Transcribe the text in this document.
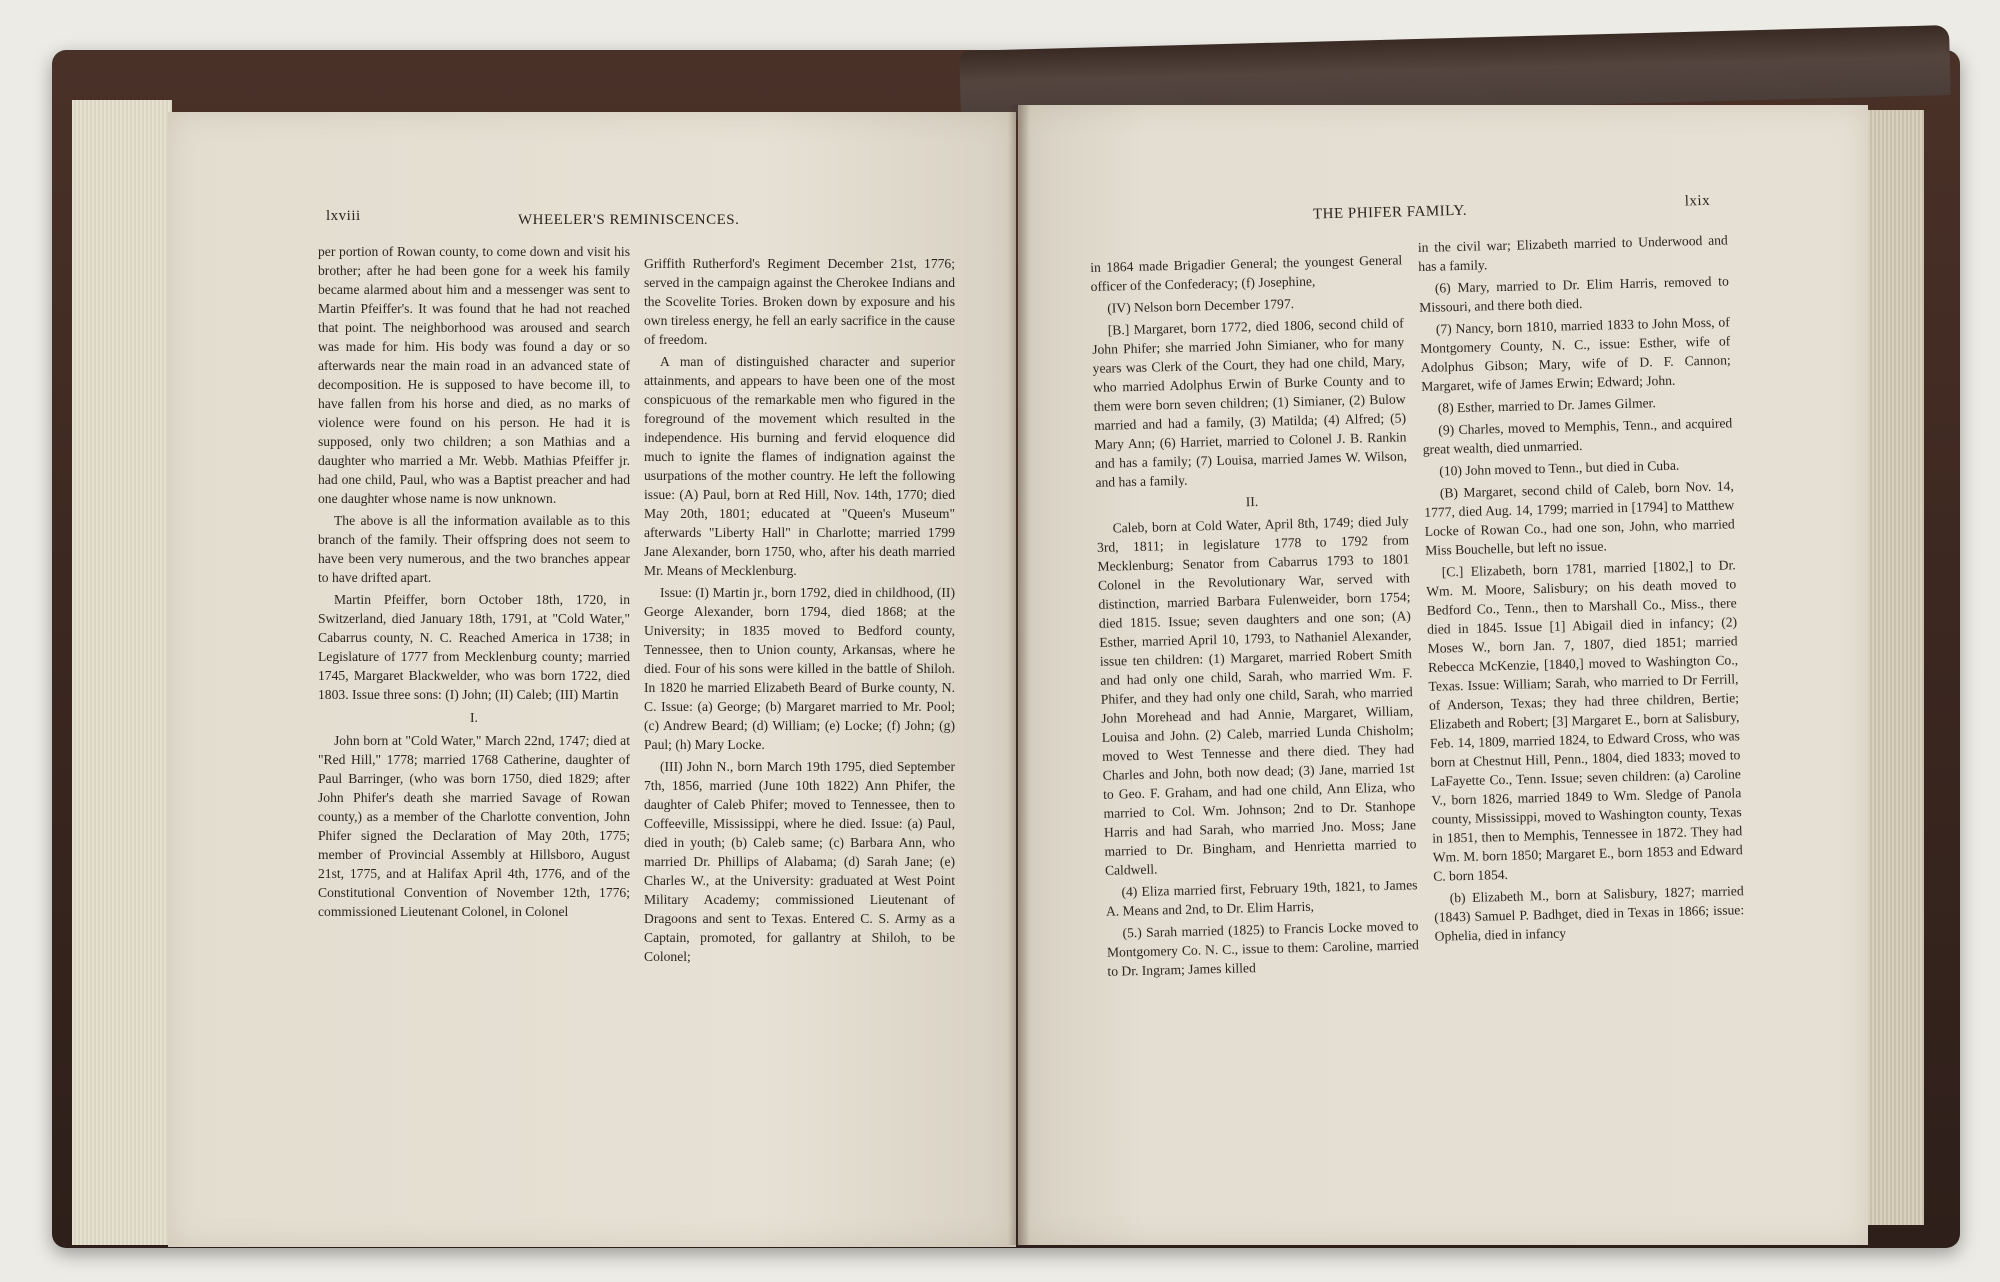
lxviii	WHEELER'S REMINISCENCES.

per portion of Rowan county, to come down and visit his brother; after he had been gone for a week his family became alarmed about him and a messenger was sent to Martin Pfeiffer's. It was found that he had not reached that point. The neighborhood was aroused and search was made for him. His body was found a day or so afterwards near the main road in an advanced state of decomposition. He is supposed to have become ill, to have fallen from his horse and died, as no marks of violence were found on his person. He had it is supposed, only two children; a son Mathias and a daughter who married a Mr. Webb. Mathias Pfeiffer jr. had one child, Paul, who was a Baptist preacher and had one daughter whose name is now unknown.

The above is all the information available as to this branch of the family. Their offspring does not seem to have been very numerous, and the two branches appear to have drifted apart.

Martin Pfeiffer, born October 18th, 1720, in Switzerland, died January 18th, 1791, at "Cold Water," Cabarrus county, N. C. Reached America in 1738; in Legislature of 1777 from Mecklenburg county; married 1745, Margaret Blackwelder, who was born 1722, died 1803. Issue three sons: (I) John; (II) Caleb; (III) Martin

I.

John born at "Cold Water," March 22nd, 1747; died at "Red Hill," 1778; married 1768 Catherine, daughter of Paul Barringer, (who was born 1750, died 1829; after John Phifer's death she married Savage of Rowan county,) as a member of the Charlotte convention, John Phifer signed the Declaration of May 20th, 1775; member of Provincial Assembly at Hillsboro, August 21st, 1775, and at Halifax April 4th, 1776, and of the Constitutional Convention of November 12th, 1776; commissioned Lieutenant Colonel, in Colonel

Griffith Rutherford's Regiment December 21st, 1776; served in the campaign against the Cherokee Indians and the Scovelite Tories. Broken down by exposure and his own tireless energy, he fell an early sacrifice in the cause of freedom.

A man of distinguished character and superior attainments, and appears to have been one of the most conspicuous of the remarkable men who figured in the foreground of the movement which resulted in the independence. His burning and fervid eloquence did much to ignite the flames of indignation against the usurpations of the mother country. He left the following issue: (A) Paul, born at Red Hill, Nov. 14th, 1770; died May 20th, 1801; educated at "Queen's Museum" afterwards "Liberty Hall" in Charlotte; married 1799 Jane Alexander, born 1750, who, after his death married Mr. Means of Mecklenburg.

Issue: (I) Martin jr., born 1792, died in childhood, (II) George Alexander, born 1794, died 1868; at the University; in 1835 moved to Bedford county, Tennessee, then to Union county, Arkansas, where he died. Four of his sons were killed in the battle of Shiloh. In 1820 he married Elizabeth Beard of Burke county, N. C. Issue: (a) George; (b) Margaret married to Mr. Pool; (c) Andrew Beard; (d) William; (e) Locke; (f) John; (g) Paul; (h) Mary Locke.

(III) John N., born March 19th 1795, died September 7th, 1856, married (June 10th 1822) Ann Phifer, the daughter of Caleb Phifer; moved to Tennessee, then to Coffeeville, Mississippi, where he died. Issue: (a) Paul, died in youth; (b) Caleb same; (c) Barbara Ann, who married Dr. Phillips of Alabama; (d) Sarah Jane; (e) Charles W., at the University: graduated at West Point Military Academy; commissioned Lieutenant of Dragoons and sent to Texas. Entered C. S. Army as a Captain, promoted, for gallantry at Shiloh, to be Colonel;

THE PHIFER FAMILY.
lxix

in 1864 made Brigadier General; the youngest General officer of the Confederacy; (f) Josephine,

(IV) Nelson born December 1797.

[B.] Margaret, born 1772, died 1806, second child of John Phifer; she married John Simianer, who for many years was Clerk of the Court, they had one child, Mary, who married Adolphus Erwin of Burke County and to them were born seven children; (1) Simianer, (2) Bulow married and had a family, (3) Matilda; (4) Alfred; (5) Mary Ann; (6) Harriet, married to Colonel J. B. Rankin and has a family; (7) Louisa, married James W. Wilson, and has a family.

II.

Caleb, born at Cold Water, April 8th, 1749; died July 3rd, 1811; in legislature 1778 to 1792 from Mecklenburg; Senator from Cabarrus 1793 to 1801 Colonel in the Revolutionary War, served with distinction, married Barbara Fulenweider, born 1754; died 1815. Issue; seven daughters and one son; (A) Esther, married April 10, 1793, to Nathaniel Alexander, issue ten children: (1) Margaret, married Robert Smith and had only one child, Sarah, who married Wm. F. Phifer, and they had only one child, Sarah, who married John Morehead and had Annie, Margaret, William, Louisa and John. (2) Caleb, married Lunda Chisholm; moved to West Tennesse and there died. They had Charles and John, both now dead; (3) Jane, married 1st to Geo. F. Graham, and had one child, Ann Eliza, who married to Col. Wm. Johnson; 2nd to Dr. Stanhope Harris and had Sarah, who married Jno. Moss; Jane married to Dr. Bingham, and Henrietta married to Caldwell.

(4) Eliza married first, February 19th, 1821, to James A. Means and 2nd, to Dr. Elim Harris,

(5.) Sarah married (1825) to Francis Locke moved to Montgomery Co. N. C., issue to them: Caroline, married to Dr. Ingram; James killed

in the civil war; Elizabeth married to Underwood and has a family.

(6) Mary, married to Dr. Elim Harris, removed to Missouri, and there both died.

(7) Nancy, born 1810, married 1833 to John Moss, of Montgomery County, N. C., issue: Esther, wife of Adolphus Gibson; Mary, wife of D. F. Cannon; Margaret, wife of James Erwin; Edward; John.

(8) Esther, married to Dr. James Gilmer.

(9) Charles, moved to Memphis, Tenn., and acquired great wealth, died unmarried.

(10) John moved to Tenn., but died in Cuba.

(B) Margaret, second child of Caleb, born Nov. 14, 1777, died Aug. 14, 1799; married in [1794] to Matthew Locke of Rowan Co., had one son, John, who married Miss Bouchelle, but left no issue.

[C.] Elizabeth, born 1781, married [1802,] to Dr. Wm. M. Moore, Salisbury; on his death moved to Bedford Co., Tenn., then to Marshall Co., Miss., there died in 1845. Issue [1] Abigail died in infancy; (2) Moses W., born Jan. 7, 1807, died 1851; married Rebecca McKenzie, [1840,] moved to Washington Co., Texas. Issue: William; Sarah, who married to Dr Ferrill, of Anderson, Texas; they had three children, Bertie; Elizabeth and Robert; [3] Margaret E., born at Salisbury, Feb. 14, 1809, married 1824, to Edward Cross, who was born at Chestnut Hill, Penn., 1804, died 1833; moved to LaFayette Co., Tenn. Issue; seven children: (a) Caroline V., born 1826, married 1849 to Wm. Sledge of Panola county, Mississippi, moved to Washington county, Texas in 1851, then to Memphis, Tennessee in 1872. They had Wm. M. born 1850; Margaret E., born 1853 and Edward C. born 1854.

(b) Elizabeth M., born at Salisbury, 1827; married (1843) Samuel P. Badhget, died in Texas in 1866; issue: Ophelia, died in infancy
